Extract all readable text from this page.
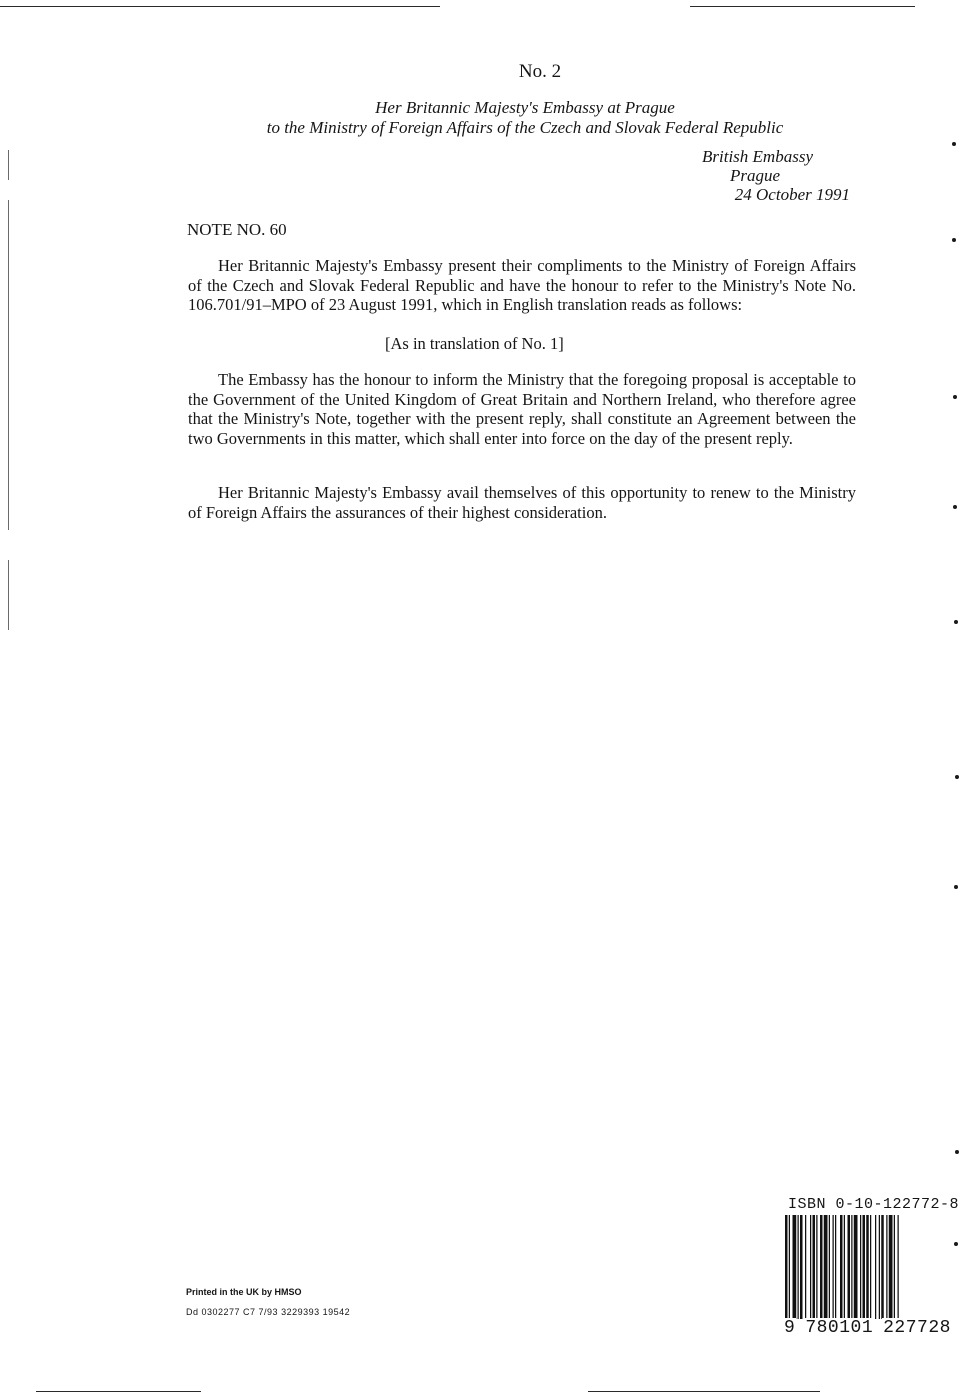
No. 2
Her Britannic Majesty's Embassy at Prague
to the Ministry of Foreign Affairs of the Czech and Slovak Federal Republic
British Embassy
Prague
24 October 1991
NOTE NO. 60
Her Britannic Majesty's Embassy present their compliments to the Ministry of Foreign Affairs of the Czech and Slovak Federal Republic and have the honour to refer to the Ministry's Note No. 106.701/91–MPO of 23 August 1991, which in English translation reads as follows:
[As in translation of No. 1]
The Embassy has the honour to inform the Ministry that the foregoing proposal is acceptable to the Government of the United Kingdom of Great Britain and Northern Ireland, who therefore agree that the Ministry's Note, together with the present reply, shall constitute an Agreement between the two Governments in this matter, which shall enter into force on the day of the present reply.
Her Britannic Majesty's Embassy avail themselves of this opportunity to renew to the Ministry of Foreign Affairs the assurances of their highest consideration.
Printed in the UK by HMSO
Dd 0302277 C7 7/93 3229393 19542
ISBN 0-10-122772-8
9 780101 227728
